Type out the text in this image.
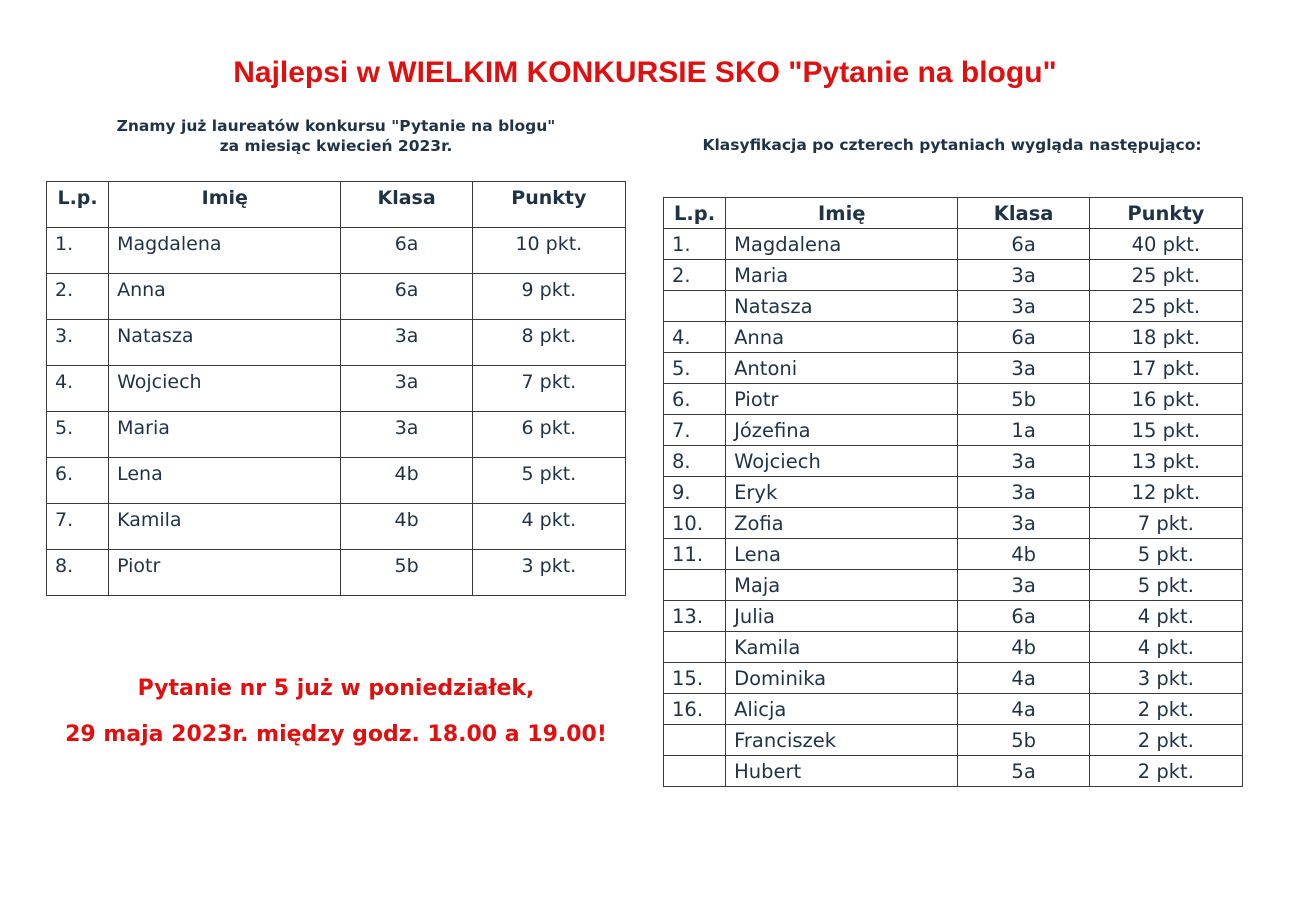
Najlepsi w WIELKIM KONKURSIE SKO "Pytanie na blogu"
Znamy już laureatów konkursu "Pytanie na blogu"
za miesiąc kwiecień 2023r.	Klasyfikacja po czterech pytaniach wygląda następująco:
L.p.	Imię	Klasa	Punkty
1.	Magdalena	6a	10 pkt.
2.	Anna	6a	9 pkt.
3.	Natasza	3a	8 pkt.
4.	Wojciech	3a	7 pkt.
5.	Maria	3a	6 pkt.
6.	Lena	4b	5 pkt.
7.	Kamila	4b	4 pkt.
8.	Piotr	5b	3 pkt.
L.p.	Imię	Klasa	Punkty
1.	Magdalena	6a	40 pkt.
2.	Maria	3a	25 pkt.
	Natasza	3a	25 pkt.
4.	Anna	6a	18 pkt.
5.	Antoni	3a	17 pkt.
6.	Piotr	5b	16 pkt.
7.	Józefina	1a	15 pkt.
8.	Wojciech	3a	13 pkt.
9.	Eryk	3a	12 pkt.
10.	Zofia	3a	7 pkt.
11.	Lena	4b	5 pkt.
	Maja	3a	5 pkt.
13.	Julia	6a	4 pkt.
	Kamila	4b	4 pkt.
15.	Dominika	4a	3 pkt.
16.	Alicja	4a	2 pkt.
	Franciszek	5b	2 pkt.
	Hubert	5a	2 pkt.
Pytanie nr 5 już w poniedziałek,
29 maja 2023r. między godz. 18.00 a 19.00!
